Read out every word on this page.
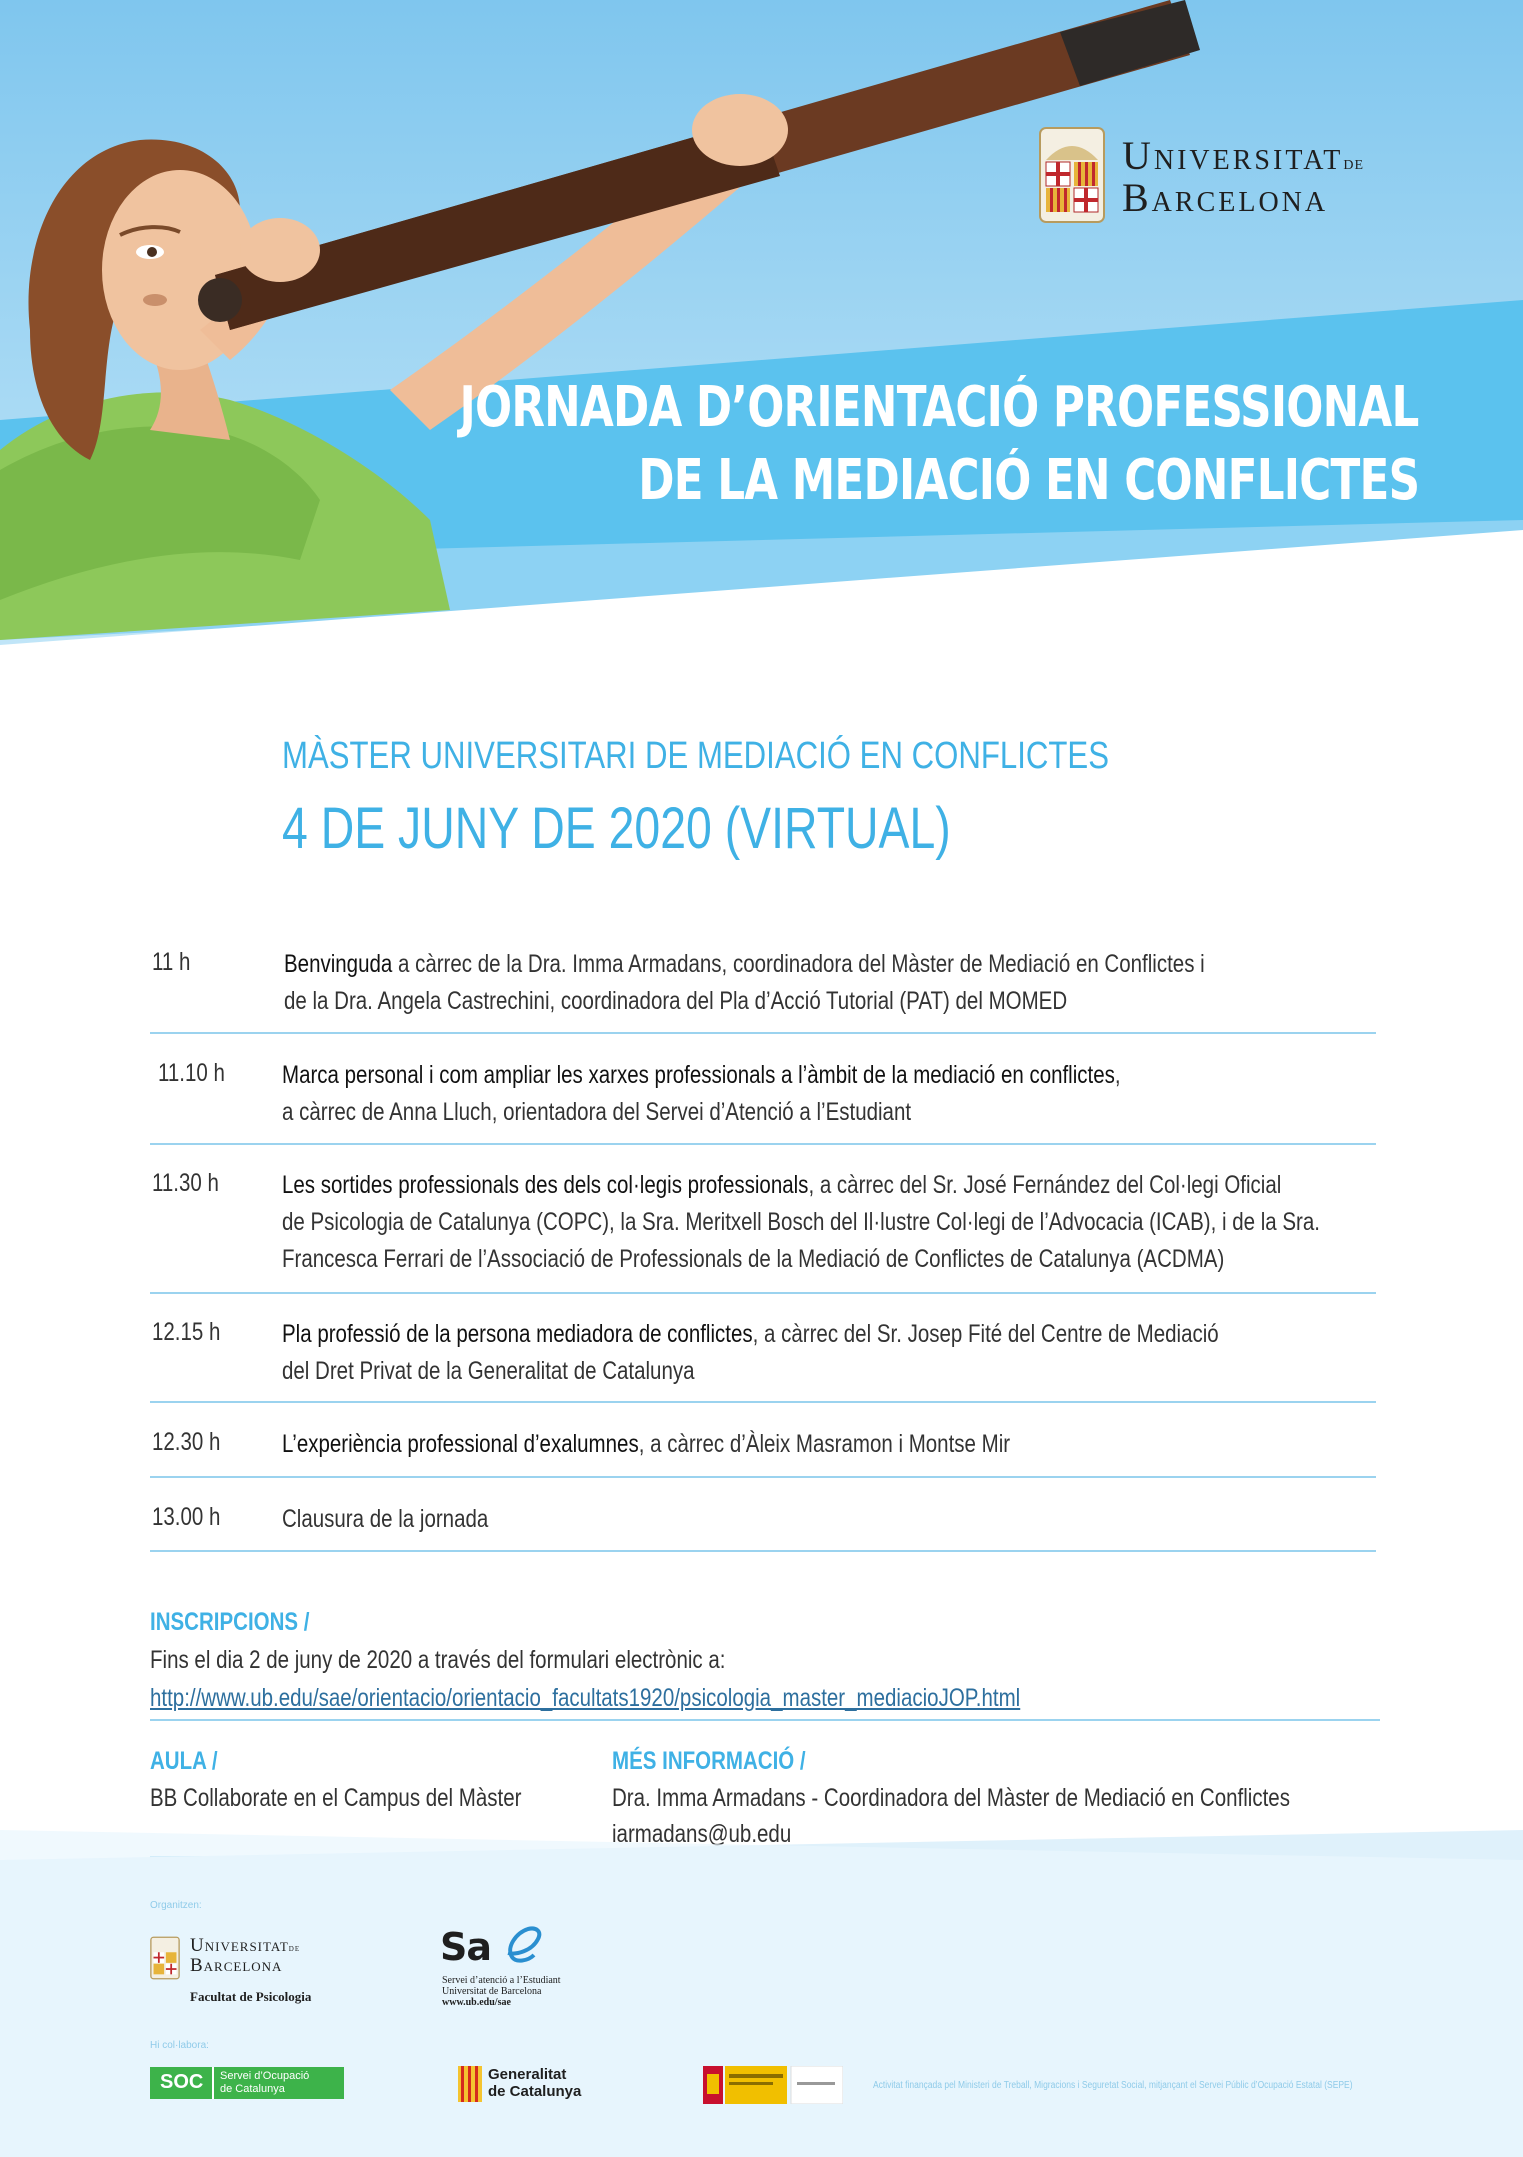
Universitatde
Barcelona
JORNADA D’ORIENTACIÓ PROFESSIONAL
DE LA MEDIACIÓ EN CONFLICTES
MÀSTER UNIVERSITARI DE MEDIACIÓ EN CONFLICTES
4 DE JUNY DE 2020 (VIRTUAL)
11 h	Benvinguda a càrrec de la Dra. Imma Armadans, coordinadora del Màster de Mediació en Conflictes i
de la Dra. Angela Castrechini, coordinadora del Pla d’Acció Tutorial (PAT) del MOMED
11.10 h Marca personal i com ampliar les xarxes professionals a l’àmbit de la mediació en conflictes,
a càrrec de Anna Lluch, orientadora del Servei d’Atenció a l’Estudiant
11.30 h	Les sortides professionals des dels col·legis professionals, a càrrec del Sr. José Fernández del Col·legi Oficial
de Psicologia de Catalunya (COPC), la Sra. Meritxell Bosch del Il·lustre Col·legi de l’Advocacia (ICAB), i de la Sra.
Francesca Ferrari de l’Associació de Professionals de la Mediació de Conflictes de Catalunya (ACDMA)
12.15 h Pla professió de la persona mediadora de conflictes, a càrrec del Sr. Josep Fité del Centre de Mediació
del Dret Privat de la Generalitat de Catalunya
12.30 h L’experiència professional d’exalumnes, a càrrec d’Àleix Masramon i Montse Mir
13.00 h Clausura de la jornada
INSCRIPCIONS /
Fins el dia 2 de juny de 2020 a través del formulari electrònic a:
http://www.ub.edu/sae/orientacio/orientacio_facultats1920/psicologia_master_mediacioJOP.html
AULA /
BB Collaborate en el Campus del Màster
MÉS INFORMACIÓ /
Dra. Imma Armadans - Coordinadora del Màster de Mediació en Conflictes
iarmadans@ub.edu
Organitzen:
Universitatde
Barcelona
Facultat de Psicologia
Sa
Servei d’atenció a l’Estudiant
Universitat de Barcelona
www.ub.edu/sae
Hi col·labora:
SOC Servei d’Ocupació
de Catalunya
Generalitat
de Catalunya	Activitat finançada pel Ministeri de Treball, Migracions i Seguretat Social, mitjançant el Servei Públic d’Ocupació Estatal (SEPE)
